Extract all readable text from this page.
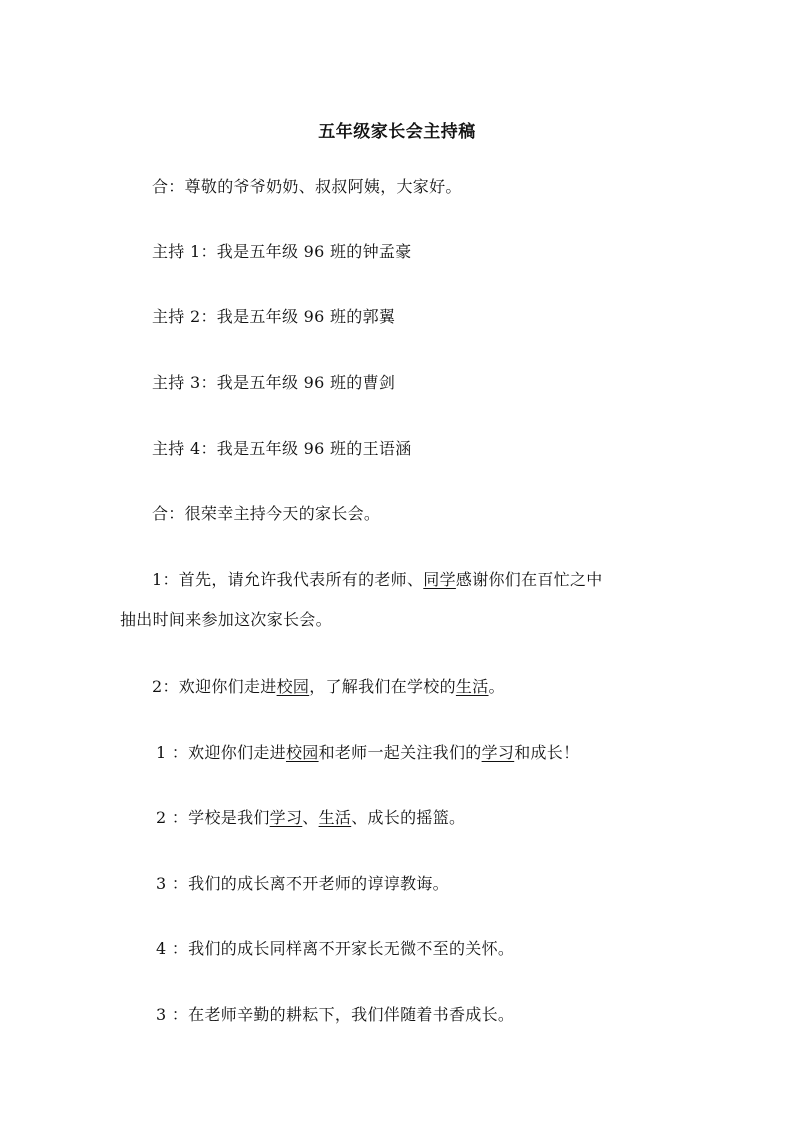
五年级家长会主持稿
合：尊敬的爷爷奶奶、叔叔阿姨，大家好。
主持 1：我是五年级 96 班的钟孟豪
主持 2：我是五年级 96 班的郭翼
主持 3：我是五年级 96 班的曹剑
主持 4：我是五年级 96 班的王语涵
合：很荣幸主持今天的家长会。
1：首先，请允许我代表所有的老师、同学感谢你们在百忙之中
抽出时间来参加这次家长会。
2：欢迎你们走进校园，了解我们在学校的生活。
1 ：欢迎你们走进校园和老师一起关注我们的学习和成长！
2 ：学校是我们学习、生活、成长的摇篮。
3 ：我们的成长离不开老师的谆谆教诲。
4 ：我们的成长同样离不开家长无微不至的关怀。
3 ：在老师辛勤的耕耘下，我们伴随着书香成长。
